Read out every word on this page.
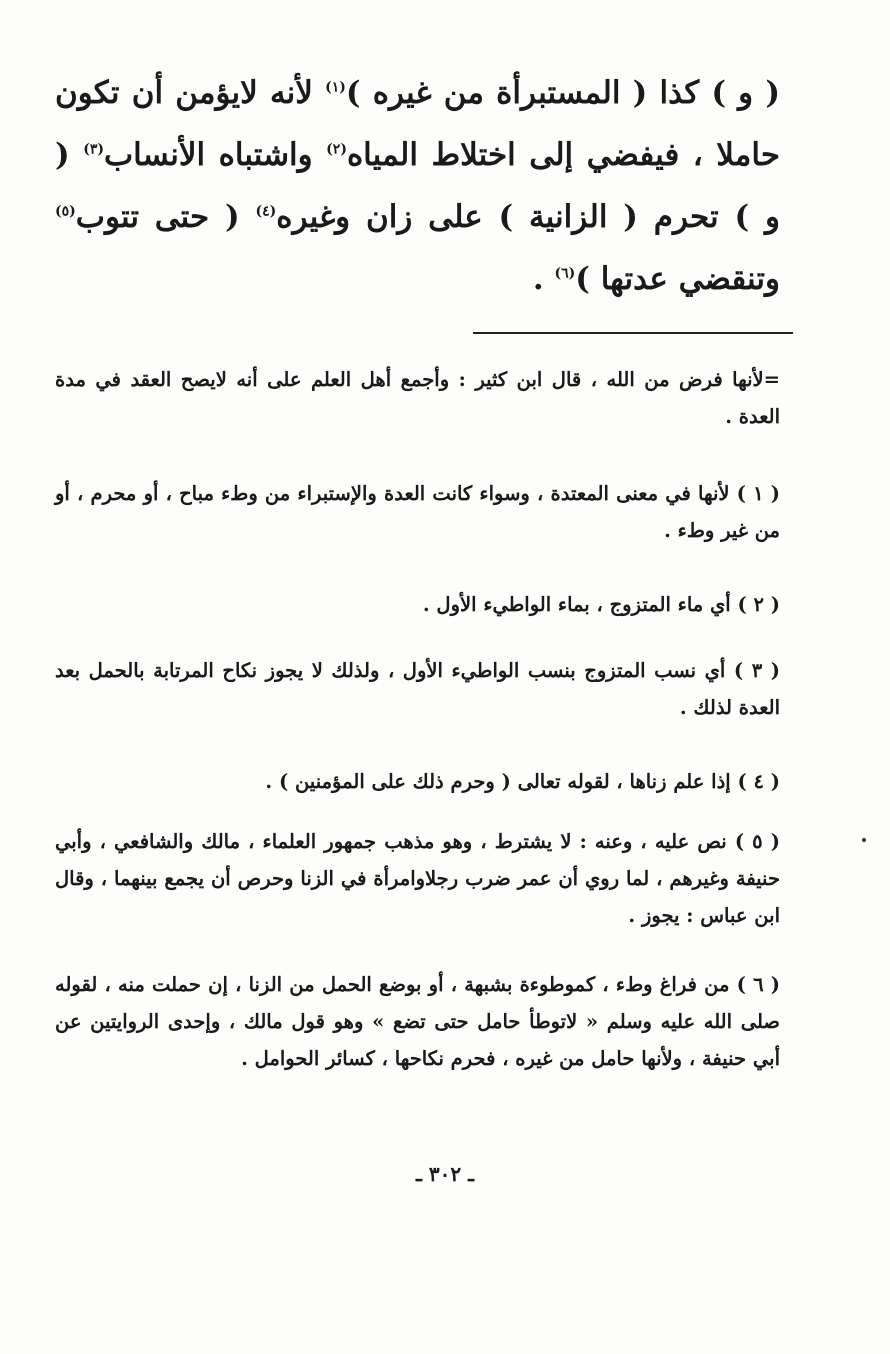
( و ) كذا ( المستبرأة من غيره )$^{(١)}$ لأنه لايؤمن أن تكون حاملا ، فيفضي إلى اختلاط المياه$^{(٢)}$ واشتباه الأنساب$^{(٣)}$ ( و ) تحرم ( الزانية ) على زان وغيره$^{(٤)}$ ( حتى تتوب$^{(٥)}$ وتنقضي عدتها )$^{(٦)}$ .

=لأنها فرض من الله ، قال ابن كثير : وأجمع أهل العلم على أنه لايصح العقد في مدة العدة .

( ١ ) لأنها في معنى المعتدة ، وسواء كانت العدة والإستبراء من وطء مباح ، أو محرم ، أو من غير وطء .

( ٢ ) أي ماء المتزوج ، بماء الواطيء الأول .

( ٣ ) أي نسب المتزوج بنسب الواطيء الأول ، ولذلك لا يجوز نكاح المرتابة بالحمل بعد العدة لذلك .

( ٤ ) إذا علم زناها ، لقوله تعالى ( وحرم ذلك على المؤمنين ) .

( ٥ ) نص عليه ، وعنه : لا يشترط ، وهو مذهب جمهور العلماء ، مالك والشافعي ، وأبي حنيفة وغيرهم ، لما روي أن عمر ضرب رجلاوامرأة في الزنا وحرص أن يجمع بينهما ، وقال ابن عباس : يجوز .

( ٦ ) من فراغ وطء ، كموطوءة بشبهة ، أو بوضع الحمل من الزنا ، إن حملت منه ، لقوله صلى الله عليه وسلم « لاتوطأ حامل حتى تضع » وهو قول مالك ، وإحدى الروايتين عن أبي حنيفة ، ولأنها حامل من غيره ، فحرم نكاحها ، كسائر الحوامل .

ـ ٣٠٢ ـ
